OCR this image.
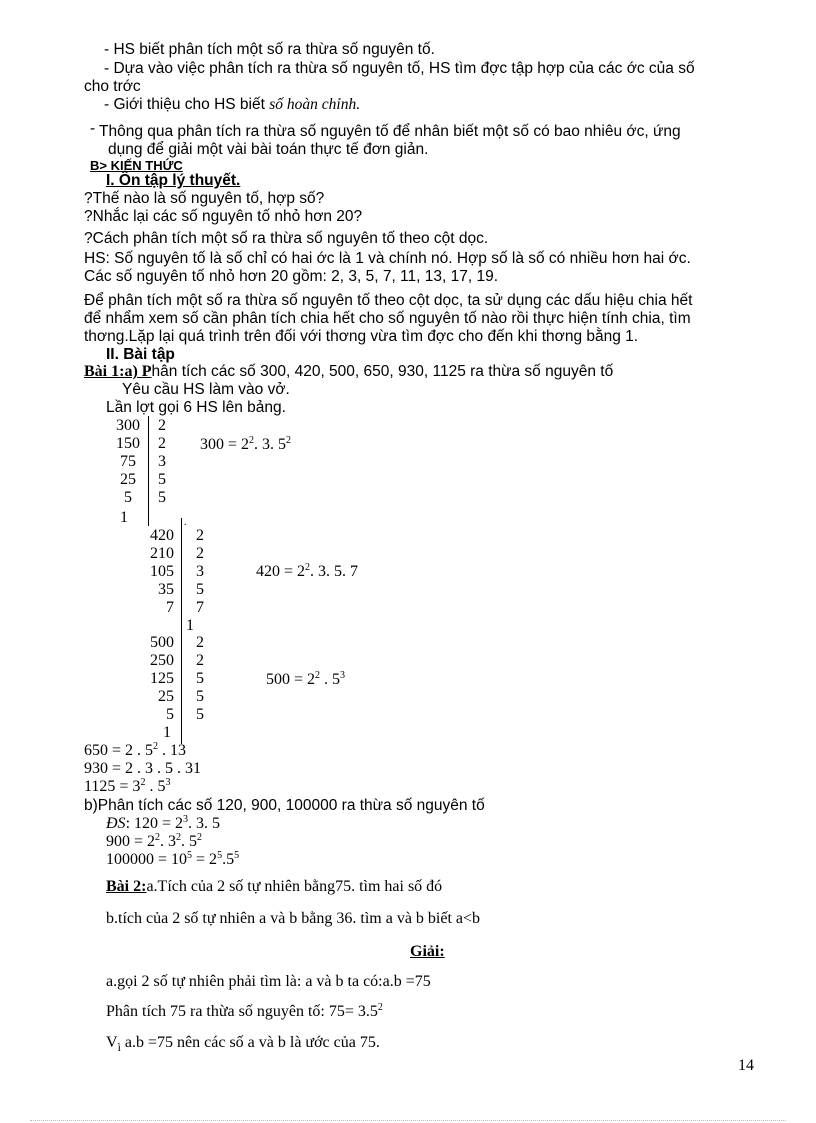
- HS biết phân tích một số ra thừa số nguyên tố.
- Dựa vào việc phân tích ra thừa số nguyên tố, HS tìm đợc tập hợp của các ớc của số
cho trớc
- Giới thiệu cho HS biết số hoàn chỉnh.
- Thông qua phân tích ra thừa số nguyên tố để nhân biết một số có bao nhiêu ớc, ứng
dụng để giải một vài bài toán thực tế đơn giản.
B> KIẾN THỨC
I. Ôn tập lý thuyết.
?Thế nào là số nguyên tố, hợp số?
?Nhắc lại các số nguyên tố nhỏ hơn 20?
?Cách phân tích một số ra thừa số nguyên tố theo cột dọc.
HS: Số nguyên tố là số chỉ có hai ớc là 1 và chính nó. Hợp số là số có nhiều hơn hai ớc.
Các số nguyên tố nhỏ hơn 20 gồm: 2, 3, 5, 7, 11, 13, 17, 19.
Để phân tích một số ra thừa số nguyên tố theo cột dọc, ta sử dụng các dấu hiệu chia hết
để nhẩm xem số cần phân tích chia hết cho số nguyên tố nào rồi thực hiện tính chia, tìm
thơng.Lặp lại quá trình trên đối với thơng vừa tìm đợc cho đến khi thơng bằng 1.
II. Bài tập
Bài 1:a) Phân tích các số 300, 420, 500, 650, 930, 1125 ra thừa số nguyên tố
Yêu cầu HS làm vào vở.
Lần lợt gọi 6 HS lên bảng.
300
150
75
25
5
1
2
2
3
5
5
$300 = 2^2$. 3. $5^2$
.
420
210
105
35
7
2
2
3
5
7
1
$420 = 2^2$. 3. 5. 7
500
250
125
25
5
1
2
2
5
5
5
$500 = 2^2$ . $5^3$
650 = 2 . $5^2$ . 13
930 = 2 . 3 . 5 . 31
$1125 = 3^2$ . $5^3$
b)Phân tích các số 120, 900, 100000 ra thừa số nguyên tố
ĐS: $120 = 2^3$. 3. 5
$900 = 2^2$. $3^2$. $5^2$
$100000 = 10^5 = 2^5.5^5$
Bài 2:a.Tích của 2 số tự nhiên bằng75. tìm hai số đó
b.tích của 2 số tự nhiên a và b bằng 36. tìm a và b biết a<b
Giải:
a.gọi 2 số tự nhiên phải tìm là: a và b ta có:a.b =75
Phân tích 75 ra thừa số nguyên tố: $75= 3.5^2$
$V_ì$ a.b =75 nên các số a và b là ước của 75.
14
